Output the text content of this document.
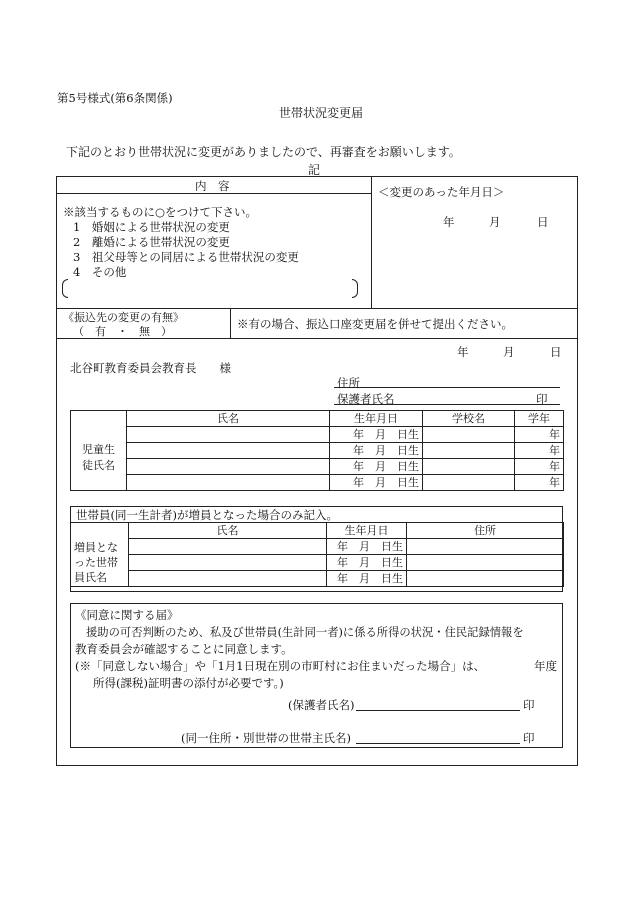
第5号様式(第6条関係)
世帯状況変更届
下記のとおり世帯状況に変更がありましたので、再審査をお願いします。
記
内　容
※該当するものに○をつけて下さい。
1　婚姻による世帯状況の変更
2　離婚による世帯状況の変更
3　祖父母等との同居による世帯状況の変更
4　その他
＜変更のあった年月日＞
年	月	日
《振込先の変更の有無》
（　有　・　無　）
※有の場合、振込口座変更届を併せて提出ください。
年	月	日
北谷町教育委員会教育長　　様
住所
保護者氏名	印
	氏名	生年月日	学校名	学年
児童生
徒氏名		年　月　日生		年
		年　月　日生		年
		年　月　日生		年
		年　月　日生		年
世帯員(同一生計者)が増員となった場合のみ記入。
	氏名	生年月日	住所
増員とな
った世帯
員氏名		年　月　日生	
		年　月　日生	
		年　月　日生	
《同意に関する届》
援助の可否判断のため、私及び世帯員(生計同一者)に係る所得の状況・住民記録情報を
教育委員会が確認することに同意します。
(※「同意しない場合」や「1月1日現在別の市町村にお住まいだった場合」は、	年度
所得(課税)証明書の添付が必要です。)
(保護者氏名)	印
(同一住所・別世帯の世帯主氏名)	印
